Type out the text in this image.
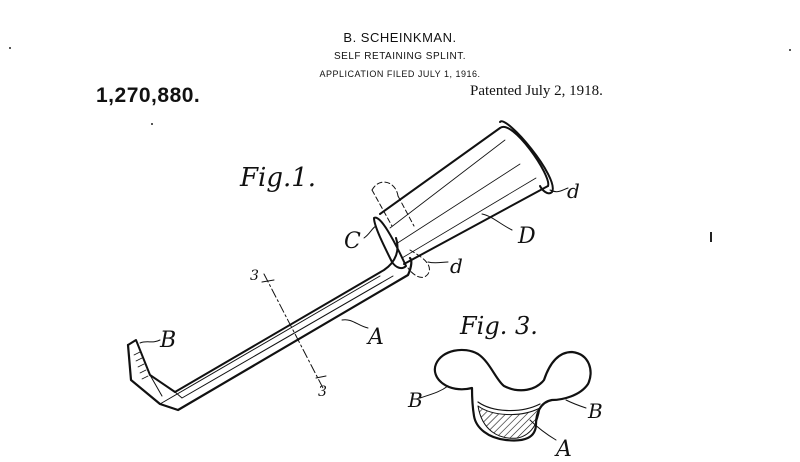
B. SCHEINKMAN.
SELF RETAINING SPLINT.
APPLICATION FILED JULY 1, 1916.
1,270,880.	Patented July 2, 1918.
Fig.1.
3
3
B	A
C	D
d
d
Fig. 3.
B	B
A
